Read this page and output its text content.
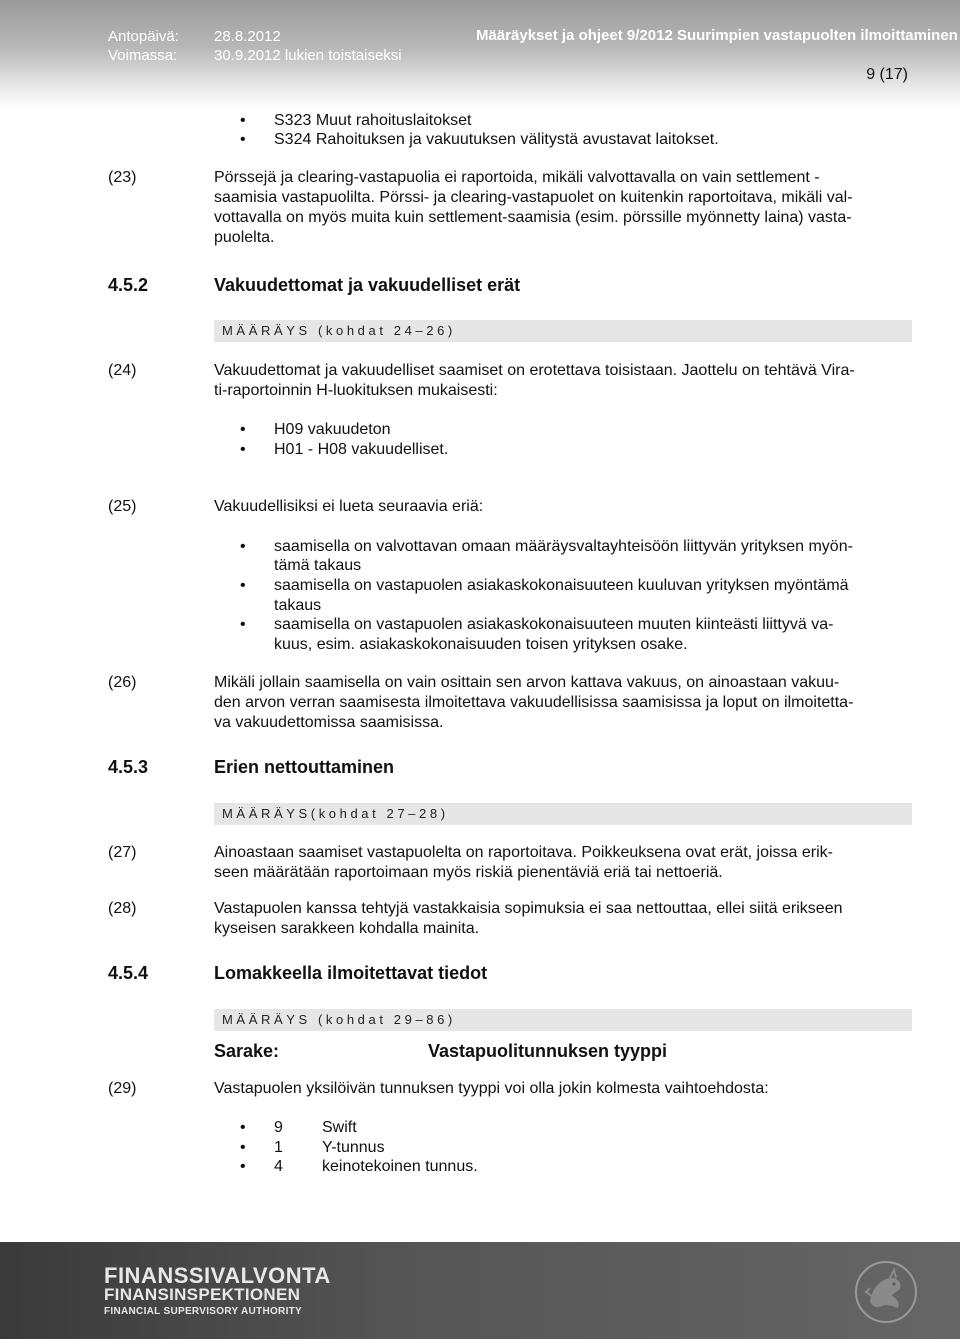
Antopäivä: 28.8.2012
Voimassa: 30.9.2012 lukien toistaiseksi
Määräykset ja ohjeet 9/2012 Suurimpien vastapuolten ilmoittaminen
9 (17)
• S323 Muut rahoituslaitokset
• S324 Rahoituksen ja vakuutuksen välitystä avustavat laitokset.
(23)	Pörssejä ja clearing-vastapuolia ei raportoida, mikäli valvottavalla on vain settlement -
saamisia vastapuolilta. Pörssi- ja clearing-vastapuolet on kuitenkin raportoitava, mikäli val-
vottavalla on myös muita kuin settlement-saamisia (esim. pörssille myönnetty laina) vasta-
puolelta.
4.5.2	Vakuudettomat ja vakuudelliset erät
MÄÄRÄYS (kohdat 24–26)
(24)	Vakuudettomat ja vakuudelliset saamiset on erotettava toisistaan. Jaottelu on tehtävä Vira-
ti-raportoinnin H-luokituksen mukaisesti:
• H09 vakuudeton
• H01 - H08 vakuudelliset.
(25)	Vakuudellisiksi ei lueta seuraavia eriä:
• saamisella on valvottavan omaan määräysvaltayhteisöön liittyvän yrityksen myön-
tämä takaus
• saamisella on vastapuolen asiakaskokonaisuuteen kuuluvan yrityksen myöntämä
takaus
• saamisella on vastapuolen asiakaskokonaisuuteen muuten kiinteästi liittyvä va-
kuus, esim. asiakaskokonaisuuden toisen yrityksen osake.
(26)	Mikäli jollain saamisella on vain osittain sen arvon kattava vakuus, on ainoastaan vakuu-
den arvon verran saamisesta ilmoitettava vakuudellisissa saamisissa ja loput on ilmoitetta-
va vakuudettomissa saamisissa.
4.5.3	Erien nettouttaminen
MÄÄRÄYS(kohdat 27–28)
(27)	Ainoastaan saamiset vastapuolelta on raportoitava. Poikkeuksena ovat erät, joissa erik-
seen määrätään raportoimaan myös riskiä pienentäviä eriä tai nettoeriä.
(28)	Vastapuolen kanssa tehtyjä vastakkaisia sopimuksia ei saa nettouttaa, ellei siitä erikseen
kyseisen sarakkeen kohdalla mainita.
4.5.4	Lomakkeella ilmoitettavat tiedot
MÄÄRÄYS (kohdat 29–86)
Sarake:	Vastapuolitunnuksen tyyppi
(29)	Vastapuolen yksilöivän tunnuksen tyyppi voi olla jokin kolmesta vaihtoehdosta:
• 9 Swift
• 1 Y-tunnus
• 4 keinotekoinen tunnus.
FINANSSIVALVONTA
FINANSINSPEKTIONEN
FINANCIAL SUPERVISORY AUTHORITY
